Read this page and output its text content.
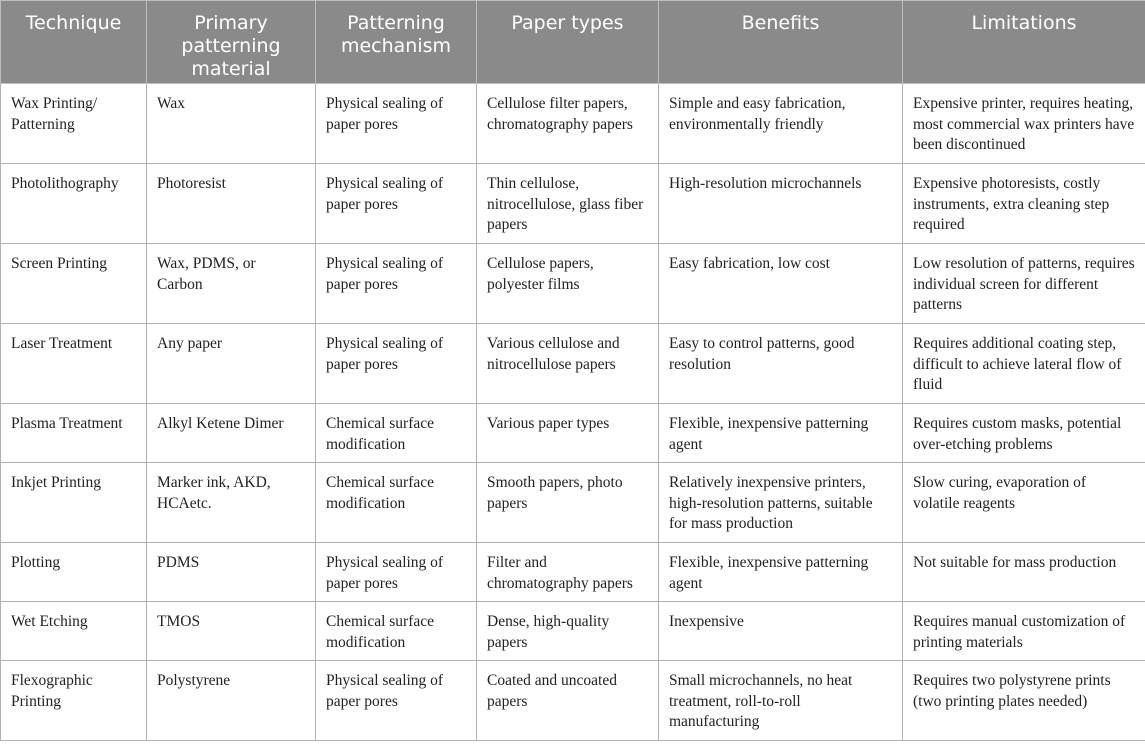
Technique	Primary patterning material	Patterning mechanism	Paper types	Benefits	Limitations
Wax Printing/ Patterning	Wax	Physical sealing of paper pores	Cellulose filter papers, chromatography papers	Simple and easy fabrication, environmentally friendly	Expensive printer, requires heating, most commercial wax printers have been discontinued
Photolithography	Photoresist	Physical sealing of paper pores	Thin cellulose, nitrocellulose, glass fiber papers	High-resolution microchannels	Expensive photoresists, costly instruments, extra cleaning step required
Screen Printing	Wax, PDMS, or Carbon	Physical sealing of paper pores	Cellulose papers, polyester films	Easy fabrication, low cost	Low resolution of patterns, requires individual screen for different patterns
Laser Treatment	Any paper	Physical sealing of paper pores	Various cellulose and nitrocellulose papers	Easy to control patterns, good resolution	Requires additional coating step, difficult to achieve lateral flow of fluid
Plasma Treatment	Alkyl Ketene Dimer	Chemical surface modification	Various paper types	Flexible, inexpensive patterning agent	Requires custom masks, potential over-etching problems
Inkjet Printing	Marker ink, AKD, HCAetc.	Chemical surface modification	Smooth papers, photo papers	Relatively inexpensive printers, high-resolution patterns, suitable for mass production	Slow curing, evaporation of volatile reagents
Plotting	PDMS	Physical sealing of paper pores	Filter and chromatography papers	Flexible, inexpensive patterning agent	Not suitable for mass production
Wet Etching	TMOS	Chemical surface modification	Dense, high-quality papers	Inexpensive	Requires manual customization of printing materials
Flexographic Printing	Polystyrene	Physical sealing of paper pores	Coated and uncoated papers	Small microchannels, no heat treatment, roll-to-roll manufacturing	Requires two polystyrene prints (two printing plates needed)
